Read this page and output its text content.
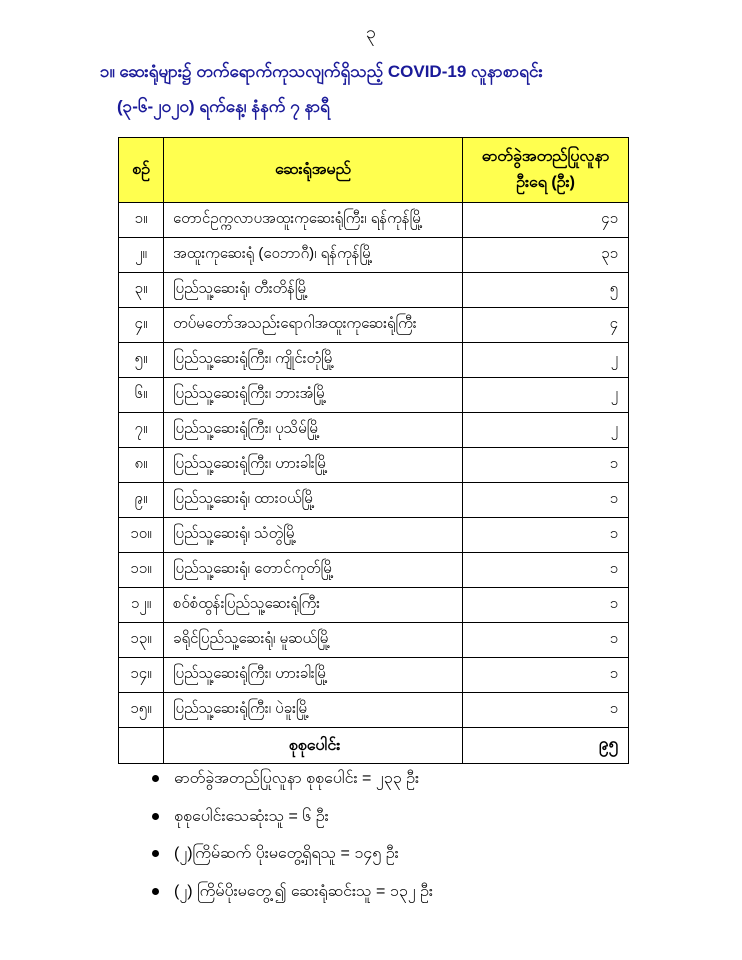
၃
၁။ ဆေးရုံများ၌ တက်ရောက်ကုသလျက်ရှိသည့် COVID-19 လူနာစာရင်း
(၃-၆-၂၀၂၀) ရက်နေ့၊ နံနက် ၇ နာရီ
စဥ်	ဆေးရုံအမည်	ဓာတ်ခွဲအတည်ပြုလူနာ
ဦးရေ (ဦး)

၁။	တောင်ဥက္ကလာပအထူးကုဆေးရုံကြီး၊ ရန်ကုန်မြို့	၄၁
၂။	အထူးကုဆေးရုံ (ဝေဘာဂီ)၊ ရန်ကုန်မြို့	၃၁
၃။	ပြည်သူ့ဆေးရုံ၊ တီးတိန်မြို့	၅
၄။	တပ်မတော်အသည်းရောဂါအထူးကုဆေးရုံကြီး	၄
၅။	ပြည်သူ့ဆေးရုံကြီး၊ ကျိုင်းတုံမြို့	၂
၆။	ပြည်သူ့ဆေးရုံကြီး၊ ဘားအံမြို့	၂
၇။	ပြည်သူ့ဆေးရုံကြီး၊ ပုသိမ်မြို့	၂
၈။	ပြည်သူ့ဆေးရုံကြီး၊ ဟားခါးမြို့	၁
၉။	ပြည်သူ့ဆေးရုံ၊ ထားဝယ်မြို့	၁
၁၀။	ပြည်သူ့ဆေးရုံ၊ သံတွဲမြို့	၁
၁၁။	ပြည်သူ့ဆေးရုံ၊ တောင်ကုတ်မြို့	၁
၁၂။	စဝ်စံထွန်းပြည်သူ့ဆေးရုံကြီး	၁
၁၃။	ခရိုင်ပြည်သူ့ဆေးရုံ၊ မူဆယ်မြို့	၁
၁၄။	ပြည်သူ့ဆေးရုံကြီး၊ ဟားခါးမြို့	၁
၁၅။	ပြည်သူ့ဆေးရုံကြီး၊ ပဲခူးမြို့	၁
	စုစုပေါင်း	၉၅
ဓာတ်ခွဲအတည်ပြုလူနာ စုစုပေါင်း = ၂၃၃ ဦး
စုစုပေါင်းသေဆုံးသူ = ၆ ဦး
(၂)ကြိမ်ဆက် ပိုးမတွေ့ရှိရသူ = ၁၄၅ ဦး
(၂) ကြိမ်ပိုးမတွေ့၍ ဆေးရုံဆင်းသူ = ၁၃၂ ဦး
